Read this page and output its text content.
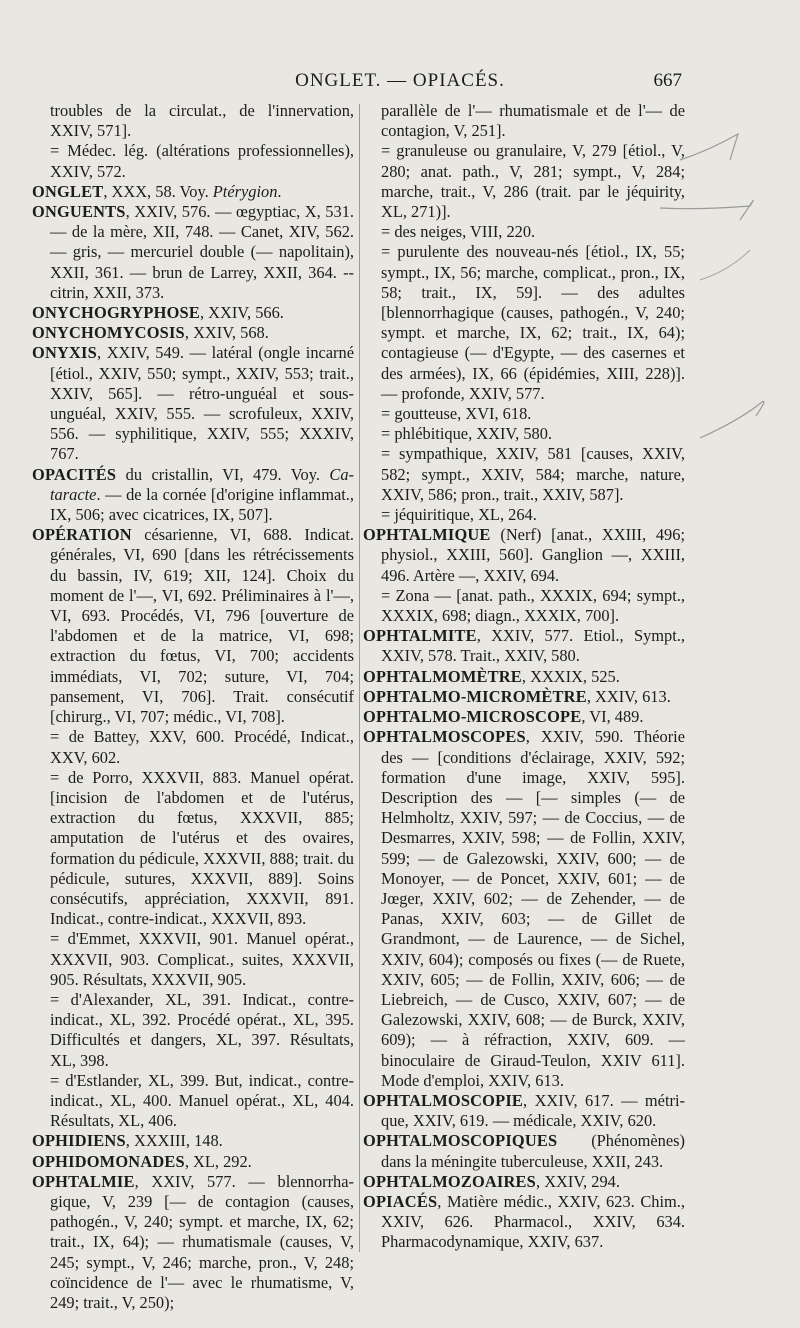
ONGLET. — OPIACÉS.	667
troubles de la circulat., de l'innervation, XXIV, 571].
= Médec. lég. (altérations professionnelles), XXIV, 572.
ONGLET, XXX, 58. Voy. Ptérygion.
ONGUENTS, XXIV, 576. — œgyptiac, X, 531. — de la mère, XII, 748. — Canet, XIV, 562. — gris, — mercuriel double (— napolitain), XXII, 361. — brun de Larrey, XXII, 364. -- citrin, XXII, 373.
ONYCHOGRYPHOSE, XXIV, 566.
ONYCHOMYCOSIS, XXIV, 568.
ONYXIS, XXIV, 549. — latéral (ongle incarné [étiol., XXIV, 550; sympt., XXIV, 553; trait., XXIV, 565]. — rétro-unguéal et sous-unguéal, XXIV, 555. — scrofuleux, XXIV, 556. — syphilitique, XXIV, 555; XXXIV, 767.
OPACITÉS du cristallin, VI, 479. Voy. Cataracte. — de la cornée [d'origine inflammat., IX, 506; avec cicatrices, IX, 507].
OPÉRATION césarienne, VI, 688. Indicat. générales, VI, 690 [dans les rétrécissements du bassin, IV, 619; XII, 124]. Choix du moment de l'—, VI, 692. Préliminaires à l'—, VI, 693. Procédés, VI, 796 [ouverture de l'abdomen et de la matrice, VI, 698; extraction du fœtus, VI, 700; accidents immédiats, VI, 702; suture, VI, 704; pansement, VI, 706]. Trait. consécutif [chirurg., VI, 707; médic., VI, 708].
= de Battey, XXV, 600. Procédé, Indicat., XXV, 602.
= de Porro, XXXVII, 883. Manuel opérat. [incision de l'abdomen et de l'utérus, extraction du fœtus, XXXVII, 885; amputation de l'utérus et des ovaires, formation du pédicule, XXXVII, 888; trait. du pédicule, sutures, XXXVII, 889]. Soins consécutifs, appréciation, XXXVII, 891. Indicat., contre-indicat., XXXVII, 893.
= d'Emmet, XXXVII, 901. Manuel opérat., XXXVII, 903. Complicat., suites, XXXVII, 905. Résultats, XXXVII, 905.
= d'Alexander, XL, 391. Indicat., contre-indicat., XL, 392. Procédé opérat., XL, 395. Difficultés et dangers, XL, 397. Résultats, XL, 398.
= d'Estlander, XL, 399. But, indicat., contre-indicat., XL, 400. Manuel opérat., XL, 404. Résultats, XL, 406.
OPHIDIENS, XXXIII, 148.
OPHIDOMONADES, XL, 292.
OPHTALMIE, XXIV, 577. — blennorrhagique, V, 239 [— de contagion (causes, pathogén., V, 240; sympt. et marche, IX, 62; trait., IX, 64); — rhumatismale (causes, V, 245; sympt., V, 246; marche, pron., V, 248; coïncidence de l'— avec le rhumatisme, V, 249; trait., V, 250);
parallèle de l'— rhumatismale et de l'— de contagion, V, 251].
= granuleuse ou granulaire, V, 279 [étiol., V, 280; anat. path., V, 281; sympt., V, 284; marche, trait., V, 286 (trait. par le jéquirity, XL, 271)].
= des neiges, VIII, 220.
= purulente des nouveau-nés [étiol., IX, 55; sympt., IX, 56; marche, complicat., pron., IX, 58; trait., IX, 59]. — des adultes [blennorrhagique (causes, pathogén., V, 240; sympt. et marche, IX, 62; trait., IX, 64); contagieuse (— d'Egypte, — des casernes et des armées), IX, 66 (épidémies, XIII, 228)]. — profonde, XXIV, 577.
= goutteuse, XVI, 618.
= phlébitique, XXIV, 580.
= sympathique, XXIV, 581 [causes, XXIV, 582; sympt., XXIV, 584; marche, nature, XXIV, 586; pron., trait., XXIV, 587].
= jéquiritique, XL, 264.
OPHTALMIQUE (Nerf) [anat., XXIII, 496; physiol., XXIII, 560]. Ganglion —, XXIII, 496. Artère —, XXIV, 694.
= Zona — [anat. path., XXXIX, 694; sympt., XXXIX, 698; diagn., XXXIX, 700].
OPHTALMITE, XXIV, 577. Etiol., Sympt., XXIV, 578. Trait., XXIV, 580.
OPHTALMOMÈTRE, XXXIX, 525.
OPHTALMO-MICROMÈTRE, XXIV, 613.
OPHTALMO-MICROSCOPE, VI, 489.
OPHTALMOSCOPES, XXIV, 590. Théorie des — [conditions d'éclairage, XXIV, 592; formation d'une image, XXIV, 595]. Description des — [— simples (— de Helmholtz, XXIV, 597; — de Coccius, — de Desmarres, XXIV, 598; — de Follin, XXIV, 599; — de Galezowski, XXIV, 600; — de Monoyer, — de Poncet, XXIV, 601; — de Jœger, XXIV, 602; — de Zehender, — de Panas, XXIV, 603; — de Gillet de Grandmont, — de Laurence, — de Sichel, XXIV, 604); composés ou fixes (— de Ruete, XXIV, 605; — de Follin, XXIV, 606; — de Liebreich, — de Cusco, XXIV, 607; — de Galezowski, XXIV, 608; — de Burck, XXIV, 609); — à réfraction, XXIV, 609. — binoculaire de Giraud-Teulon, XXIV 611]. Mode d'emploi, XXIV, 613.
OPHTALMOSCOPIE, XXIV, 617. — métrique, XXIV, 619. — médicale, XXIV, 620.
OPHTALMOSCOPIQUES (Phénomènes) dans la méningite tuberculeuse, XXII, 243.
OPHTALMOZOAIRES, XXIV, 294.
OPIACÉS, Matière médic., XXIV, 623. Chim., XXIV, 626. Pharmacol., XXIV, 634. Pharmacodynamique, XXIV, 637.
